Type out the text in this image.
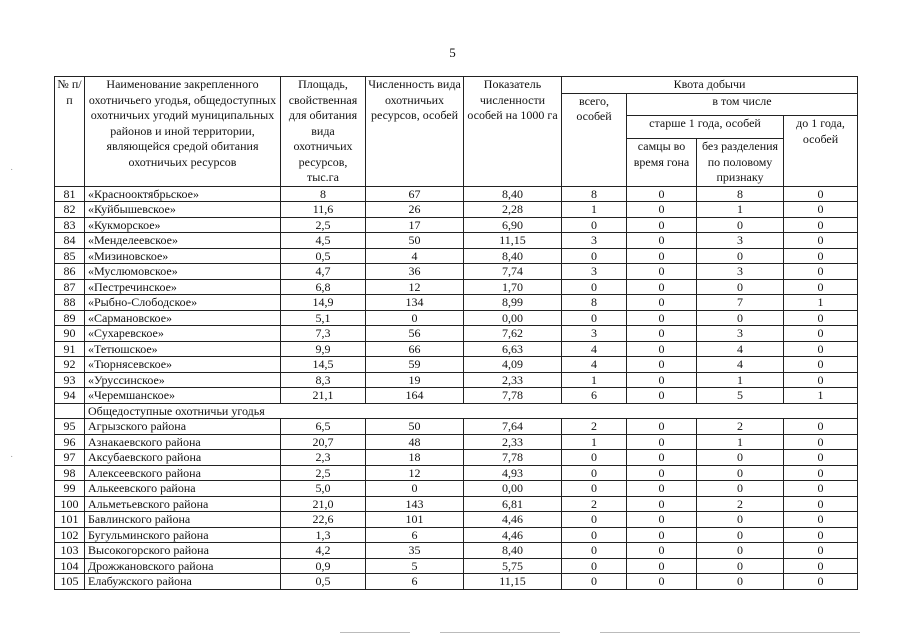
5
№ п/п	Наименование закрепленного охотничьего угодья, общедоступных охотничьих угодий муниципальных районов и иной территории, являющейся средой обитания охотничьих ресурсов	Площадь, свойственная для обитания вида охотничьих ресурсов, тыс.га	Численность вида охотничьих ресурсов, особей	Показатель численности особей на 1000 га	Квота добычи			
					всего, особей	в том числе		
						старше 1 года, особей		до 1 года, особей
						самцы во время гона	без разделения по половому признаку	
81	«Краснооктябрьское»	8	67	8,40	8	0	8	0
82	«Куйбышевское»	11,6	26	2,28	1	0	1	0
83	«Кукморское»	2,5	17	6,90	0	0	0	0
84	«Менделеевское»	4,5	50	11,15	3	0	3	0
85	«Мизиновское»	0,5	4	8,40	0	0	0	0
86	«Муслюмовское»	4,7	36	7,74	3	0	3	0
87	«Пестречинское»	6,8	12	1,70	0	0	0	0
88	«Рыбно-Слободское»	14,9	134	8,99	8	0	7	1
89	«Сармановское»	5,1	0	0,00	0	0	0	0
90	«Сухаревское»	7,3	56	7,62	3	0	3	0
91	«Тетюшское»	9,9	66	6,63	4	0	4	0
92	«Тюрнясевское»	14,5	59	4,09	4	0	4	0
93	«Уруссинское»	8,3	19	2,33	1	0	1	0
94	«Черемшанское»	21,1	164	7,78	6	0	5	1
	Общедоступные охотничьи угодья							
95	Агрызского района	6,5	50	7,64	2	0	2	0
96	Азнакаевского района	20,7	48	2,33	1	0	1	0
97	Аксубаевского района	2,3	18	7,78	0	0	0	0
98	Алексеевского района	2,5	12	4,93	0	0	0	0
99	Алькеевского района	5,0	0	0,00	0	0	0	0
100	Альметьевского района	21,0	143	6,81	2	0	2	0
101	Бавлинского района	22,6	101	4,46	0	0	0	0
102	Бугульминского района	1,3	6	4,46	0	0	0	0
103	Высокогорского района	4,2	35	8,40	0	0	0	0
104	Дрожжановского района	0,9	5	5,75	0	0	0	0
105	Елабужского района	0,5	6	11,15	0	0	0	0
˙
˙
